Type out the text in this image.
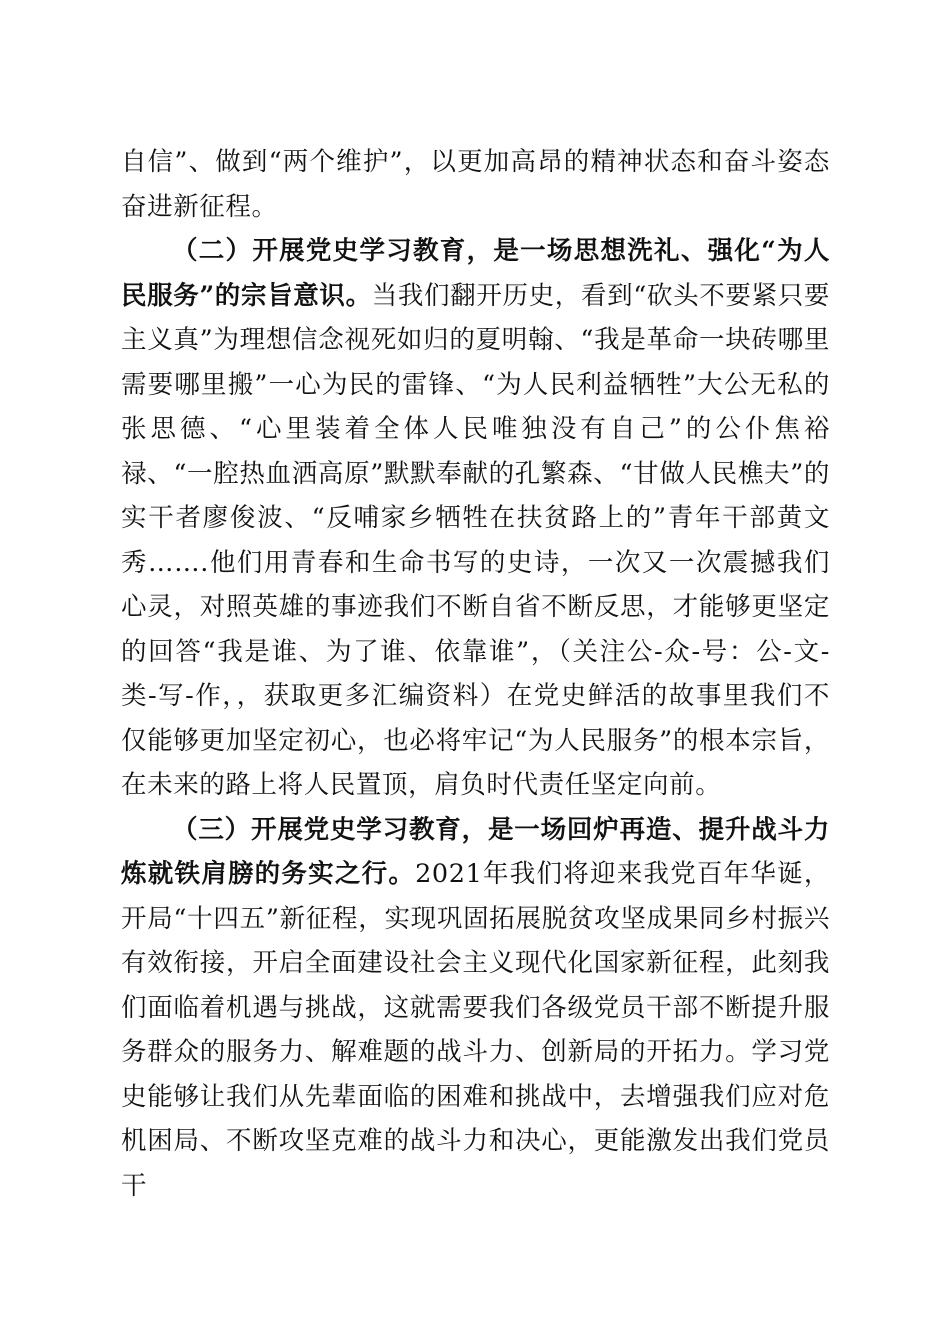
自信”、做到“两个维护”，以更加高昂的精神状态和奋斗姿态奋进新征程。

（二）开展党史学习教育，是一场思想洗礼、强化“为人民服务”的宗旨意识。当我们翻开历史，看到“砍头不要紧只要主义真”为理想信念视死如归的夏明翰、“我是革命一块砖哪里需要哪里搬”一心为民的雷锋、“为人民利益牺牲”大公无私的张思德、“心里装着全体人民唯独没有自己”的公仆焦裕禄、“一腔热血洒高原”默默奉献的孔繁森、“甘做人民樵夫”的实干者廖俊波、“反哺家乡牺牲在扶贫路上的”青年干部黄文秀…….他们用青春和生命书写的史诗，一次又一次震撼我们心灵，对照英雄的事迹我们不断自省不断反思，才能够更坚定的回答“我是谁、为了谁、依靠谁”，（关注公-众-号：公-文-类-写-作，，获取更多汇编资料）在党史鲜活的故事里我们不仅能够更加坚定初心，也必将牢记“为人民服务”的根本宗旨，在未来的路上将人民置顶，肩负时代责任坚定向前。

（三）开展党史学习教育，是一场回炉再造、提升战斗力炼就铁肩膀的务实之行。2021年我们将迎来我党百年华诞，开局“十四五”新征程，实现巩固拓展脱贫攻坚成果同乡村振兴有效衔接，开启全面建设社会主义现代化国家新征程，此刻我们面临着机遇与挑战，这就需要我们各级党员干部不断提升服务群众的服务力、解难题的战斗力、创新局的开拓力。学习党史能够让我们从先辈面临的困难和挑战中，去增强我们应对危机困局、不断攻坚克难的战斗力和决心，更能激发出我们党员干
